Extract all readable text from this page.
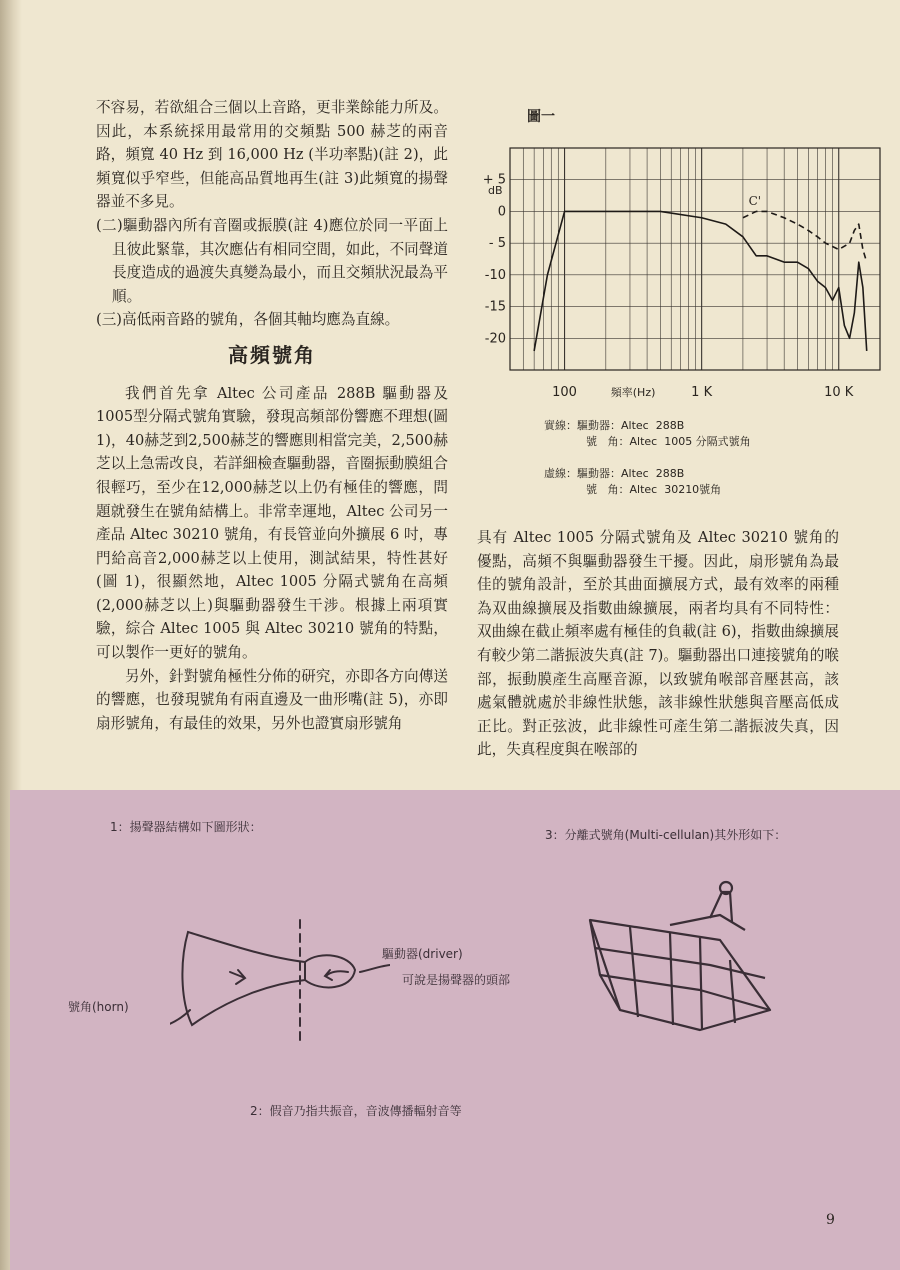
不容易，若欲組合三個以上音路，更非業餘能力所及。因此，本系統採用最常用的交頻點 500 赫芝的兩音路，頻寬 40 Hz 到 16,000 Hz (半功率點)(註 2)，此頻寬似乎窄些，但能高品質地再生(註 3)此頻寬的揚聲器並不多見。

(二)驅動器內所有音圈或振膜(註 4)應位於同一平面上且彼此緊靠，其次應佔有相同空間，如此，不同聲道長度造成的過渡失真變為最小，而且交頻狀況最為平順。

(三)高低兩音路的號角，各個其軸均應為直線。

高頻號角

我們首先拿 Altec 公司產品 288B 驅動器及 1005型分隔式號角實驗，發現高頻部份響應不理想(圖1)，40赫芝到2,500赫芝的響應則相當完美，2,500赫芝以上急需改良，若詳細檢查驅動器，音圈振動膜組合很輕巧，至少在12,000赫芝以上仍有極佳的響應，問題就發生在號角結構上。非常幸運地，Altec 公司另一產品 Altec 30210 號角，有長管並向外擴展 6 吋，專門給高音2,000赫芝以上使用，測試結果，特性甚好(圖 1)，很顯然地，Altec 1005 分隔式號角在高頻(2,000赫芝以上)與驅動器發生干涉。根據上兩項實驗，綜合 Altec 1005 與 Altec 30210 號角的特點，可以製作一更好的號角。

另外，針對號角極性分佈的研究，亦即各方向傳送的響應，也發現號角有兩直邊及一曲形嘴(註 5)，亦即扇形號角，有最佳的效果，另外也證實扇形號角

圖一
+ 5
0
- 5
-10
-15
-20
dB
100	1 K	10 K
頻率(Hz)
C'
實線：驅動器：Altec  288B
號   角：Altec  1005 分隔式號角
虛線：驅動器：Altec  288B
號   角：Altec  30210號角

具有 Altec 1005 分隔式號角及 Altec 30210 號角的優點，高頻不與驅動器發生干擾。因此，扇形號角為最佳的號角設計，至於其曲面擴展方式，最有效率的兩種為双曲線擴展及指數曲線擴展，兩者均具有不同特性：双曲線在截止頻率處有極佳的負載(註 6)，指數曲線擴展有較少第二諧振波失真(註 7)。驅動器出口連接號角的喉部，振動膜產生高壓音源，以致號角喉部音壓甚高，該處氣體就處於非線性狀態，該非線性狀態與音壓高低成正比。對正弦波，此非線性可產生第二諧振波失真，因此，失真程度與在喉部的

1：揚聲器結構如下圖形狀：
3：分離式號角(Multi-cellulan)其外形如下：
2：假音乃指共振音，音波傳播輻射音等
驅動器(driver)
可說是揚聲器的頭部
號角(horn)
9
